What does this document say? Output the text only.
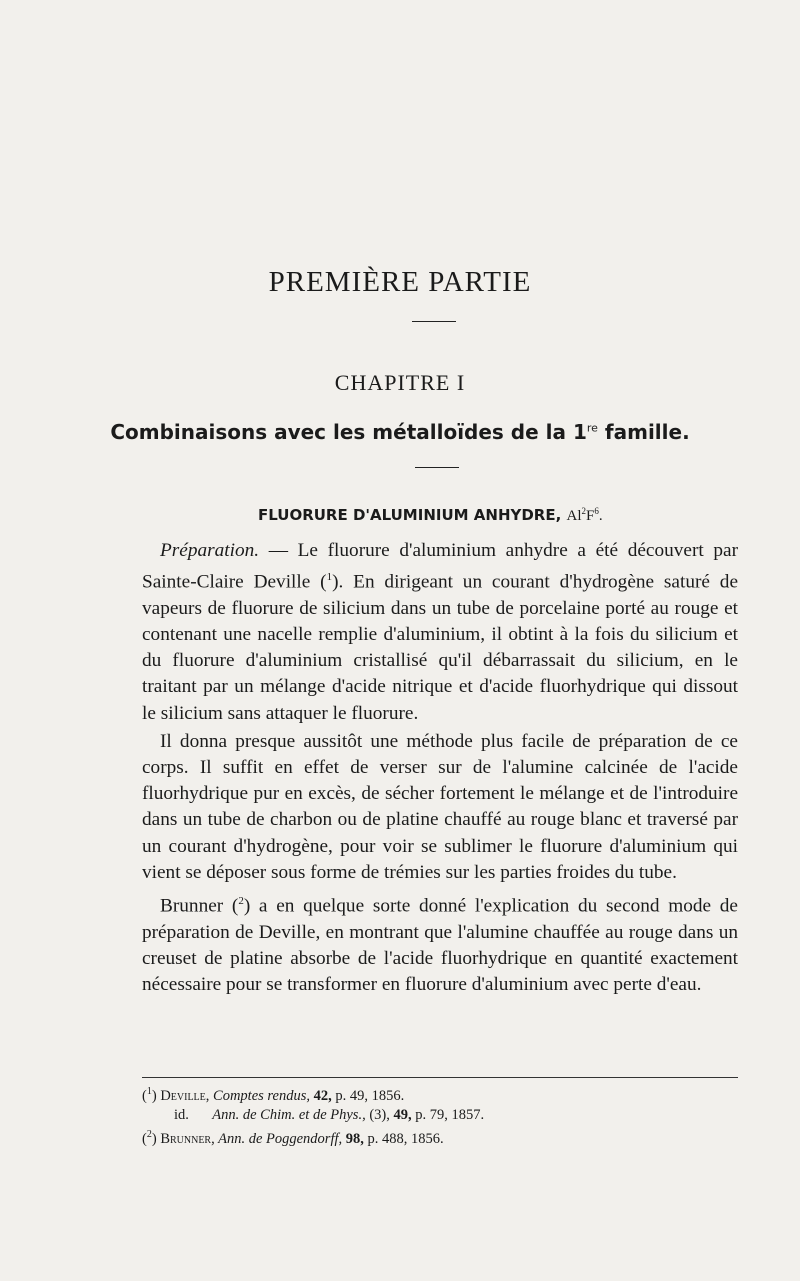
PREMIÈRE PARTIE
CHAPITRE I
Combinaisons avec les métalloïdes de la 1re famille.
FLUORURE D'ALUMINIUM ANHYDRE, $Al^2F^6$.

Préparation. — Le fluorure d'aluminium anhydre a été découvert par Sainte-Claire Deville ($^1$). En dirigeant un courant d'hydrogène saturé de vapeurs de fluorure de silicium dans un tube de porcelaine porté au rouge et contenant une nacelle remplie d'aluminium, il obtint à la fois du silicium et du fluorure d'aluminium cristallisé qu'il débarrassait du silicium, en le traitant par un mélange d'acide nitrique et d'acide fluorhydrique qui dissout le silicium sans attaquer le fluorure.

Il donna presque aussitôt une méthode plus facile de préparation de ce corps. Il suffit en effet de verser sur de l'alumine calcinée de l'acide fluorhydrique pur en excès, de sécher fortement le mélange et de l'introduire dans un tube de charbon ou de platine chauffé au rouge blanc et traversé par un courant d'hydrogène, pour voir se sublimer le fluorure d'aluminium qui vient se déposer sous forme de trémies sur les parties froides du tube.

Brunner ($^2$) a en quelque sorte donné l'explication du second mode de préparation de Deville, en montrant que l'alumine chauffée au rouge dans un creuset de platine absorbe de l'acide fluorhydrique en quantité exactement nécessaire pour se transformer en fluorure d'aluminium avec perte d'eau.

($^1$) Deville, Comptes rendus, 42, p. 49, 1856.
id. Ann. de Chim. et de Phys., (3), 49, p. 79, 1857.
($^2$) Brunner, Ann. de Poggendorff, 98, p. 488, 1856.
